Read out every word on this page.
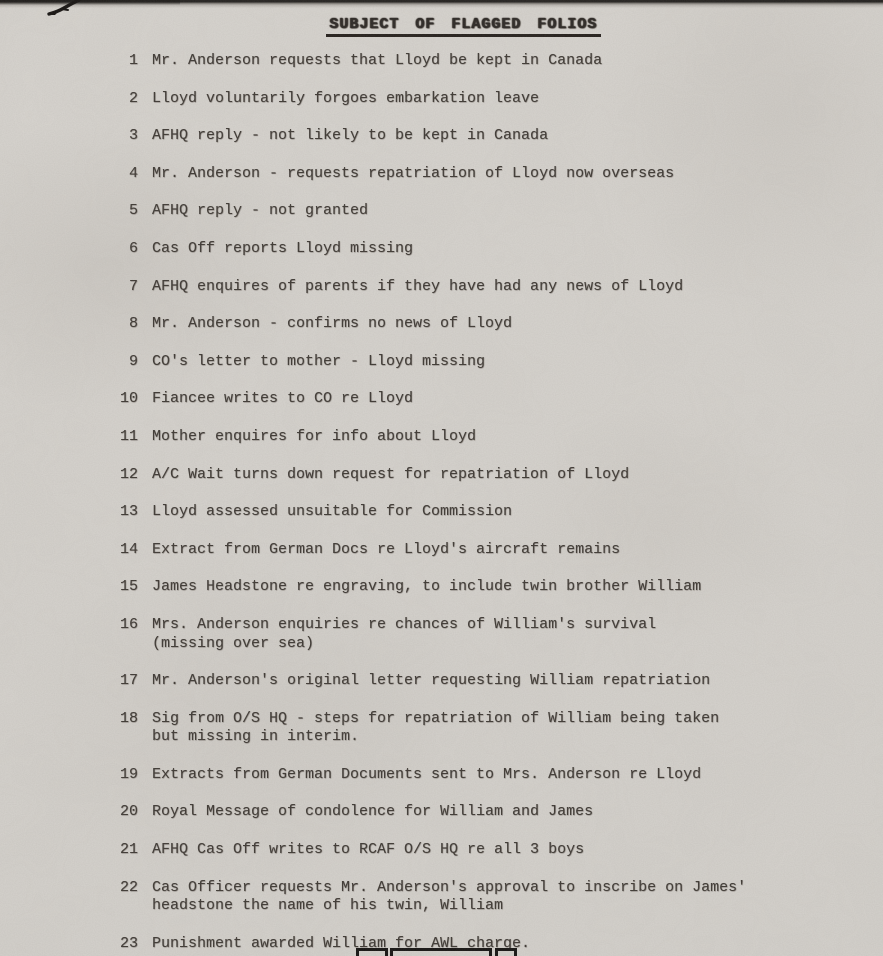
SUBJECT OF FLAGGED FOLIOS
1 Mr. Anderson requests that Lloyd be kept in Canada
2 Lloyd voluntarily forgoes embarkation leave
3 AFHQ reply - not likely to be kept in Canada
4 Mr. Anderson - requests repatriation of Lloyd now overseas
5 AFHQ reply - not granted
6 Cas Off reports Lloyd missing
7 AFHQ enquires of parents if they have had any news of Lloyd
8 Mr. Anderson - confirms no news of Lloyd
9 CO's letter to mother - Lloyd missing
10 Fiancee writes to CO re Lloyd
11 Mother enquires for info about Lloyd
12 A/C Wait turns down request for repatriation of Lloyd
13 Lloyd assessed unsuitable for Commission
14 Extract from German Docs re Lloyd's aircraft remains
15 James Headstone re engraving, to include twin brother William
16 Mrs. Anderson enquiries re chances of William's survival
(missing over sea)
17 Mr. Anderson's original letter requesting William repatriation
18 Sig from O/S HQ - steps for repatriation of William being taken
but missing in interim.
19 Extracts from German Documents sent to Mrs. Anderson re Lloyd
20 Royal Message of condolence for William and James
21 AFHQ Cas Off writes to RCAF O/S HQ re all 3 boys
22 Cas Officer requests Mr. Anderson's approval to inscribe on James'
headstone the name of his twin, William
23 Punishment awarded William for AWL charge.
